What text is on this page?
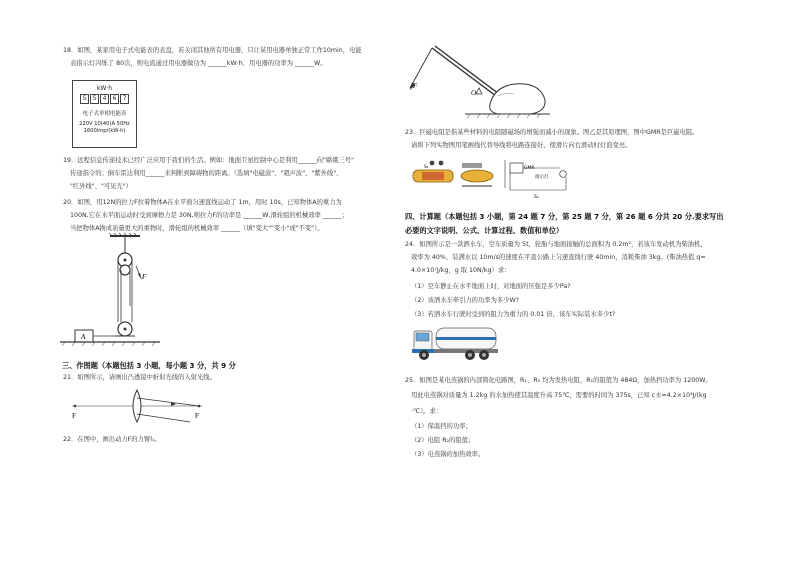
18．如图，某家用电子式电能表的表盘，若关闭其他所有用电器，只让某用电器单独正常工作10min，电能
表指示灯闪烁了 80次，则电流通过用电器做功为 ______kW·h，用电器的功率为 ______W。
kW·h
5	5	4	6	7
电子式单相电能表
220V 10(40)A 50Hz
1600imp/(kW·h)
19．远程信息传递技术已经广泛应用于我们的生活。例如：地面卫星控制中心是利用______向"嫦娥三号"
传递指令的；倒车雷达利用______来判断到障碍物的距离。（选填"电磁波"、"超声波"、"紫外线"、
"红外线"、"可见光"）
20．如图，用12N的拉力F拉着物体A在水平面匀速直线运动了 1m，用时 10s，已知物体A的重力为
100N,它在水平面运动时受到摩擦力是 30N,则拉力F的功率是 ______W,滑轮组的机械效率 ______；
当把物体A换成质量更大的重物时，滑轮组的机械效率 ______（填"变大""变小"或"不变"）。
F
A
三、作图题（本题包括 3 小题，每小题 3 分，共 9 分
21．如图所示，请画出凸透镜中折射光线的入射光线。
F	F
22．在图中，画出动力F的力臂l₁。
F
O
23．巨磁电阻是指某些材料的电阻随磁场的增强而减小的现象。图乙是其原理图，图中GMR是巨磁电阻。
请将下列实物图用笔画线代替导线将电路连接好，使滑片向右滑动时灯泡变亮。
S₁	GMR
指示灯
S₂
四、计算题（本题包括 3 小题，第 24 题 7 分，第 25 题 7 分，第 26 题 6 分共 20 分.要求写出
必要的文字说明、公式、计算过程、数值和单位）
24．如图所示是一款洒水车，空车质量为 5t，轮胎与地面接触的总面积为 0.2m²，若该车发动机为柴油机，
效率为 40%，装满水以 10m/s的速度在平直公路上匀速直线行驶 40min，消耗柴油 3kg。(柴油热值 q=
4.0×10⁷J/kg，g 取 10N/kg）求：
（1）空车静止在水平地面上时，对地面的压强是多少Pa?
（2）该洒水车牵引力的功率为多少W?
（3）若洒水车行驶时受到的阻力为重力的 0.01 倍，该车实际装水多少t?
25．如图是某电蒸锅的内部简化电路图，R₁、R₂ 均为发热电阻，R₁的阻值为 484Ω，加热挡功率为 1200W。
用此电蒸锅对质量为 1.2kg 的水加热使其温度升高 75℃，需要的时间为 375s，已知 c水=4.2×10³J/(kg
·℃）。求：
（1）保温挡的功率；
（2）电阻 R₂的阻值；
（3）电蒸锅的加热效率。
